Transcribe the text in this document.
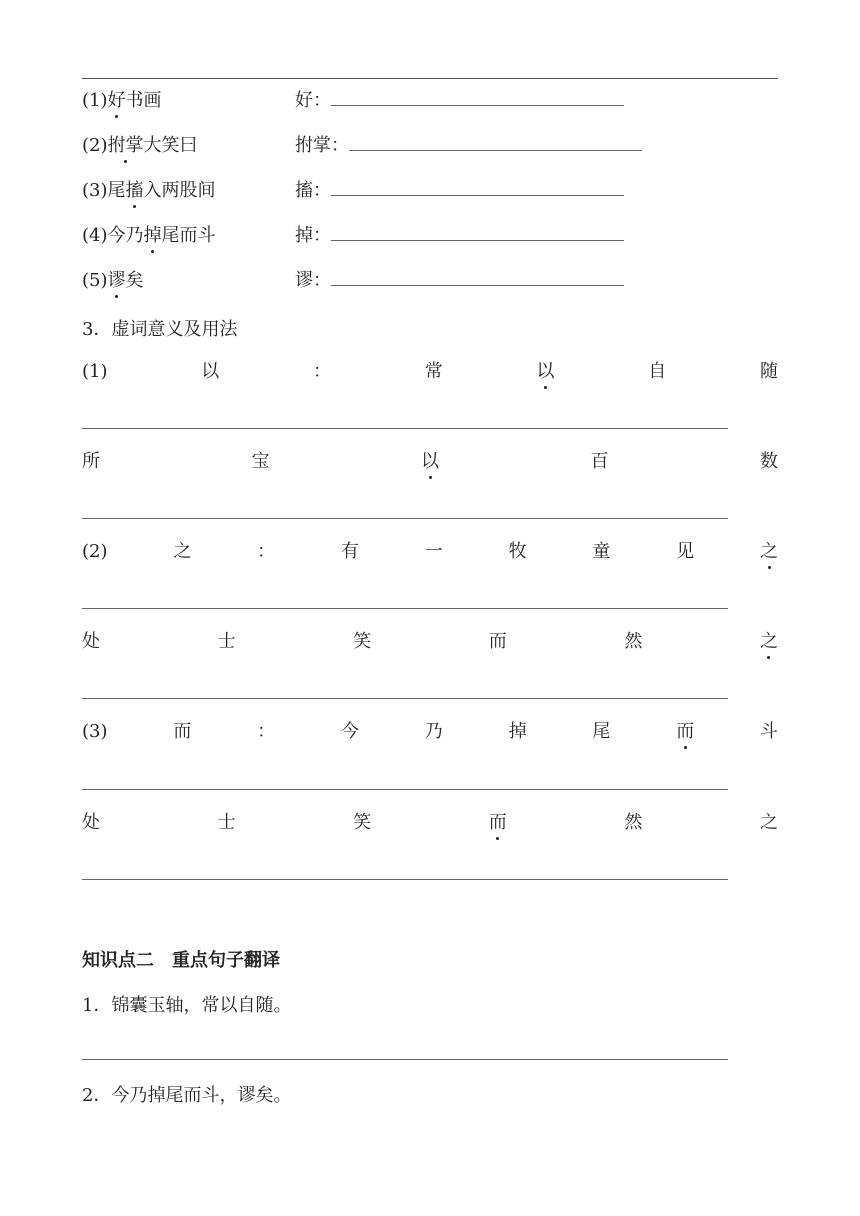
(1)好书画	好：
(2)拊掌大笑曰	拊掌：
(3)尾搐入两股间	搐：
(4)今乃掉尾而斗	掉：
(5)谬矣	谬：
3．虚词意义及用法
(1)	以	：	常	以	自	随
所	宝	以	百	数
(2)	之	：	有	一	牧	童	见	之
处	士	笑	而	然	之
(3)	而	：	今	乃	掉	尾	而	斗
处	士	笑	而	然	之
知识点二　重点句子翻译
1．锦囊玉轴，常以自随。
2．今乃掉尾而斗，谬矣。
